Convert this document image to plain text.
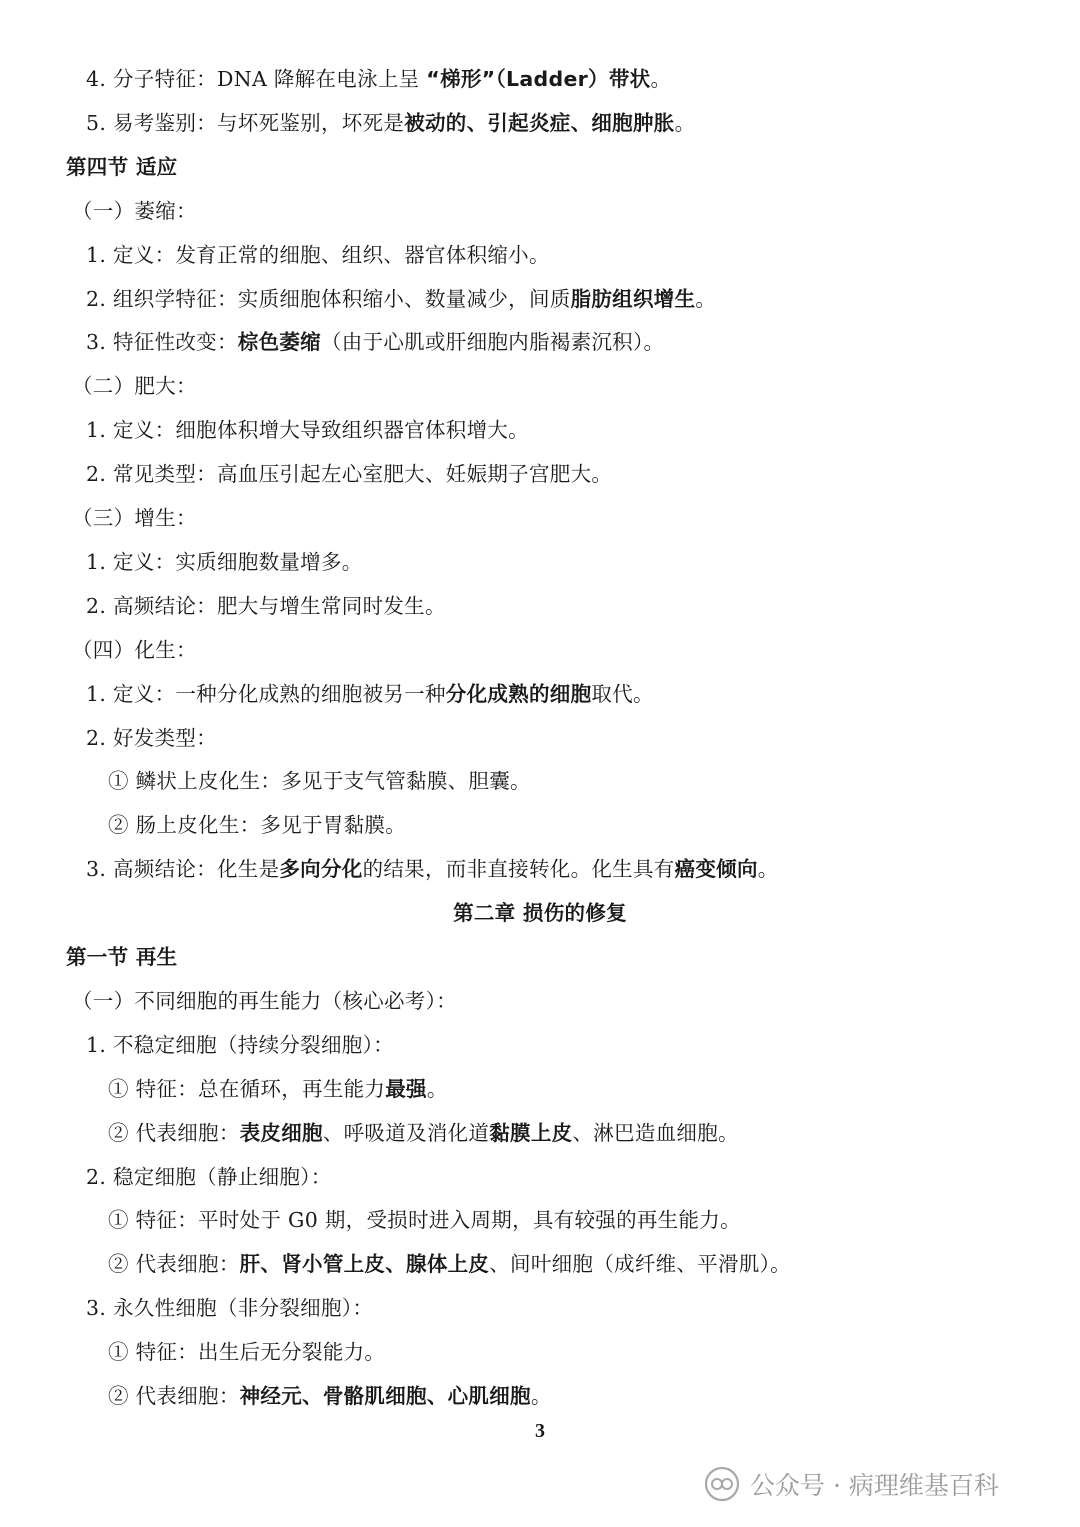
4. 分子特征：DNA 降解在电泳上呈 “梯形”（Ladder）带状。
5. 易考鉴别：与坏死鉴别，坏死是被动的、引起炎症、细胞肿胀。
第四节 适应
（一）萎缩：
1. 定义：发育正常的细胞、组织、器官体积缩小。
2. 组织学特征：实质细胞体积缩小、数量减少，间质脂肪组织增生。
3. 特征性改变：棕色萎缩（由于心肌或肝细胞内脂褐素沉积）。
（二）肥大：
1. 定义：细胞体积增大导致组织器官体积增大。
2. 常见类型：高血压引起左心室肥大、妊娠期子宫肥大。
（三）增生：
1. 定义：实质细胞数量增多。
2. 高频结论：肥大与增生常同时发生。
（四）化生：
1. 定义：一种分化成熟的细胞被另一种分化成熟的细胞取代。
2. 好发类型：
① 鳞状上皮化生：多见于支气管黏膜、胆囊。
② 肠上皮化生：多见于胃黏膜。
3. 高频结论：化生是多向分化的结果，而非直接转化。化生具有癌变倾向。
第二章 损伤的修复
第一节 再生
（一）不同细胞的再生能力（核心必考）：
1. 不稳定细胞（持续分裂细胞）：
① 特征：总在循环，再生能力最强。
② 代表细胞：表皮细胞、呼吸道及消化道黏膜上皮、淋巴造血细胞。
2. 稳定细胞（静止细胞）：
① 特征：平时处于 G0 期，受损时进入周期，具有较强的再生能力。
② 代表细胞：肝、肾小管上皮、腺体上皮、间叶细胞（成纤维、平滑肌）。
3. 永久性细胞（非分裂细胞）：
① 特征：出生后无分裂能力。
② 代表细胞：神经元、骨骼肌细胞、心肌细胞。
3
公众号 · 病理维基百科
